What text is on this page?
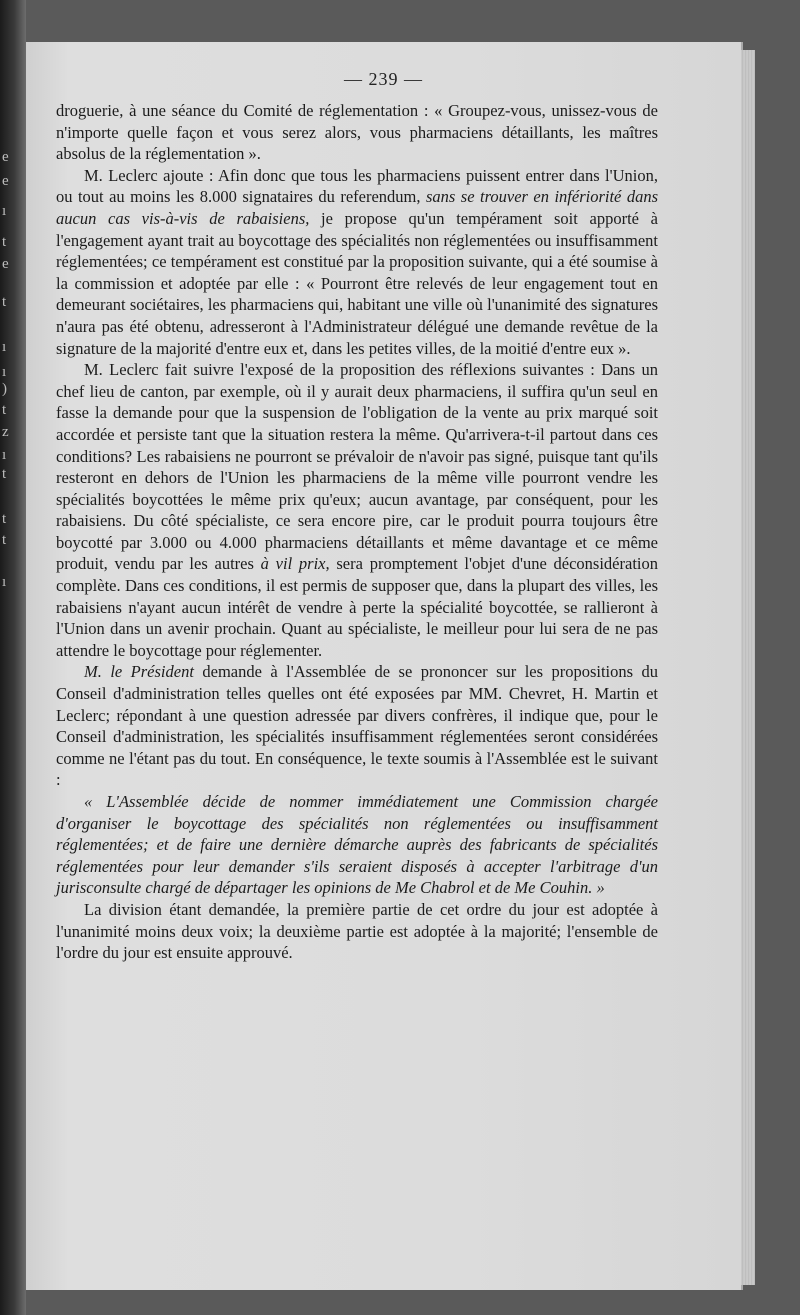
e
e
ı
t
e
t
ı
ı
)
t
z
ı
t
t
t
ı
— 239 —

droguerie, à une séance du Comité de réglementation : « Groupez-vous, unissez-vous de n'importe quelle façon et vous serez alors, vous pharmaciens détaillants, les maîtres absolus de la réglementation ».

M. Leclerc ajoute : Afin donc que tous les pharmaciens puissent entrer dans l'Union, ou tout au moins les 8.000 signataires du referendum, sans se trouver en infériorité dans aucun cas vis-à-vis de rabaisiens, je propose qu'un tempérament soit apporté à l'engagement ayant trait au boycottage des spécialités non réglementées ou insuffisamment réglementées; ce tempérament est constitué par la proposition suivante, qui a été soumise à la commission et adoptée par elle : « Pourront être relevés de leur engagement tout en demeurant sociétaires, les pharmaciens qui, habitant une ville où l'unanimité des signatures n'aura pas été obtenu, adresseront à l'Administrateur délégué une demande revêtue de la signature de la majorité d'entre eux et, dans les petites villes, de la moitié d'entre eux ».

M. Leclerc fait suivre l'exposé de la proposition des réflexions suivantes : Dans un chef lieu de canton, par exemple, où il y aurait deux pharmaciens, il suffira qu'un seul en fasse la demande pour que la suspension de l'obligation de la vente au prix marqué soit accordée et persiste tant que la situation restera la même. Qu'arrivera-t-il partout dans ces conditions? Les rabaisiens ne pourront se prévaloir de n'avoir pas signé, puisque tant qu'ils resteront en dehors de l'Union les pharmaciens de la même ville pourront vendre les spécialités boycottées le même prix qu'eux; aucun avantage, par conséquent, pour les rabaisiens. Du côté spécialiste, ce sera encore pire, car le produit pourra toujours être boycotté par 3.000 ou 4.000 pharmaciens détaillants et même davantage et ce même produit, vendu par les autres à vil prix, sera promptement l'objet d'une déconsidération complète. Dans ces conditions, il est permis de supposer que, dans la plupart des villes, les rabaisiens n'ayant aucun intérêt de vendre à perte la spécialité boycottée, se rallieront à l'Union dans un avenir prochain. Quant au spécialiste, le meilleur pour lui sera de ne pas attendre le boycottage pour réglementer.

M. le Président demande à l'Assemblée de se prononcer sur les propositions du Conseil d'administration telles quelles ont été exposées par MM. Chevret, H. Martin et Leclerc; répondant à une question adressée par divers confrères, il indique que, pour le Conseil d'administration, les spécialités insuffisamment réglementées seront considérées comme ne l'étant pas du tout. En conséquence, le texte soumis à l'Assemblée est le suivant :

« L'Assemblée décide de nommer immédiatement une Commission chargée d'organiser le boycottage des spécialités non réglementées ou insuffisamment réglementées; et de faire une dernière démarche auprès des fabricants de spécialités réglementées pour leur demander s'ils seraient disposés à accepter l'arbitrage d'un jurisconsulte chargé de départager les opinions de Me Chabrol et de Me Couhin. »

La division étant demandée, la première partie de cet ordre du jour est adoptée à l'unanimité moins deux voix; la deuxième partie est adoptée à la majorité; l'ensemble de l'ordre du jour est ensuite approuvé.
